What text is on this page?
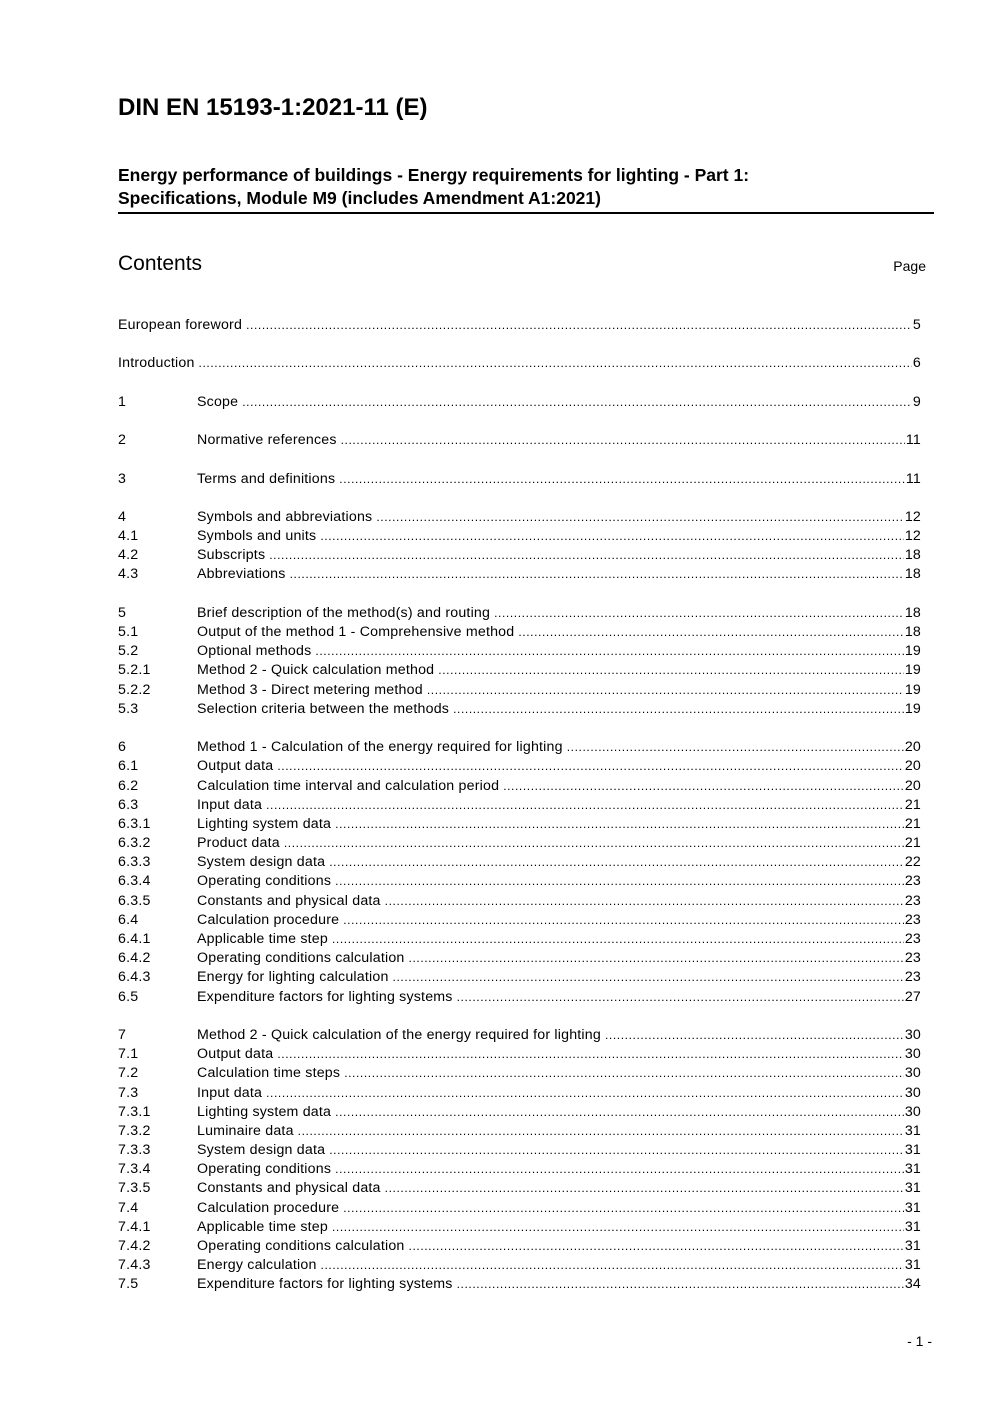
DIN EN 15193-1:2021-11 (E)
Energy performance of buildings - Energy requirements for lighting - Part 1:
Specifications, Module M9 (includes Amendment A1:2021)
Contents	Page
European foreword .....	5
Introduction .....	6
1	Scope .....	9
2	Normative references .....	11
3	Terms and definitions .....	11
4	Symbols and abbreviations .....	12
4.1	Symbols and units .....	12
4.2	Subscripts .....	18
4.3	Abbreviations .....	18
5	Brief description of the method(s) and routing .....	18
5.1	Output of the method 1 - Comprehensive method .....	18
5.2	Optional methods .....	19
5.2.1	Method 2 - Quick calculation method .....	19
5.2.2	Method 3 - Direct metering method .....	19
5.3	Selection criteria between the methods .....	19
6	Method 1 - Calculation of the energy required for lighting .....	20
6.1	Output data .....	20
6.2	Calculation time interval and calculation period .....	20
6.3	Input data .....	21
6.3.1	Lighting system data .....	21
6.3.2	Product data .....	21
6.3.3	System design data .....	22
6.3.4	Operating conditions .....	23
6.3.5	Constants and physical data .....	23
6.4	Calculation procedure .....	23
6.4.1	Applicable time step .....	23
6.4.2	Operating conditions calculation .....	23
6.4.3	Energy for lighting calculation .....	23
6.5	Expenditure factors for lighting systems .....	27
7	Method 2 - Quick calculation of the energy required for lighting .....	30
7.1	Output data .....	30
7.2	Calculation time steps .....	30
7.3	Input data .....	30
7.3.1	Lighting system data .....	30
7.3.2	Luminaire data .....	31
7.3.3	System design data .....	31
7.3.4	Operating conditions .....	31
7.3.5	Constants and physical data .....	31
7.4	Calculation procedure .....	31
7.4.1	Applicable time step .....	31
7.4.2	Operating conditions calculation .....	31
7.4.3	Energy calculation .....	31
7.5	Expenditure factors for lighting systems .....	34
- 1 -
